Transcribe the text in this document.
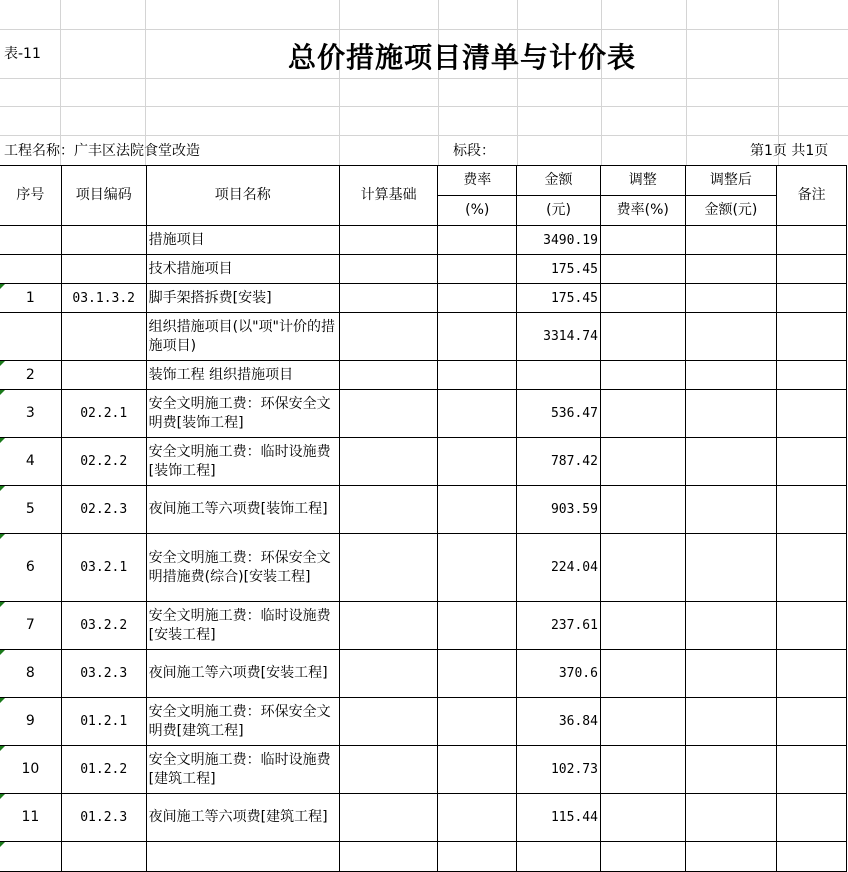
表-11	总价措施项目清单与计价表
工程名称：广丰区法院食堂改造	标段：	第1页 共1页
序号	项目编码	项目名称	计算基础	费率	金额	调整	调整后	备注
				(%)	(元)	费率(%)	金额(元)	
		措施项目			3490.19			
		技术措施项目			175.45			
1	03.1.3.2	脚手架搭拆费[安装]			175.45			
		组织措施项目(以"项"计价的措施项目)			3314.74			
2		装饰工程 组织措施项目						
3	02.2.1	安全文明施工费：环保安全文明费[装饰工程]			536.47			
4	02.2.2	安全文明施工费：临时设施费[装饰工程]			787.42			
5	02.2.3	夜间施工等六项费[装饰工程]			903.59			
6	03.2.1	安全文明施工费：环保安全文明措施费(综合)[安装工程]			224.04			
7	03.2.2	安全文明施工费：临时设施费[安装工程]			237.61			
8	03.2.3	夜间施工等六项费[安装工程]			370.6			
9	01.2.1	安全文明施工费：环保安全文明费[建筑工程]			36.84			
10	01.2.2	安全文明施工费：临时设施费[建筑工程]			102.73			
11	01.2.3	夜间施工等六项费[建筑工程]			115.44			
